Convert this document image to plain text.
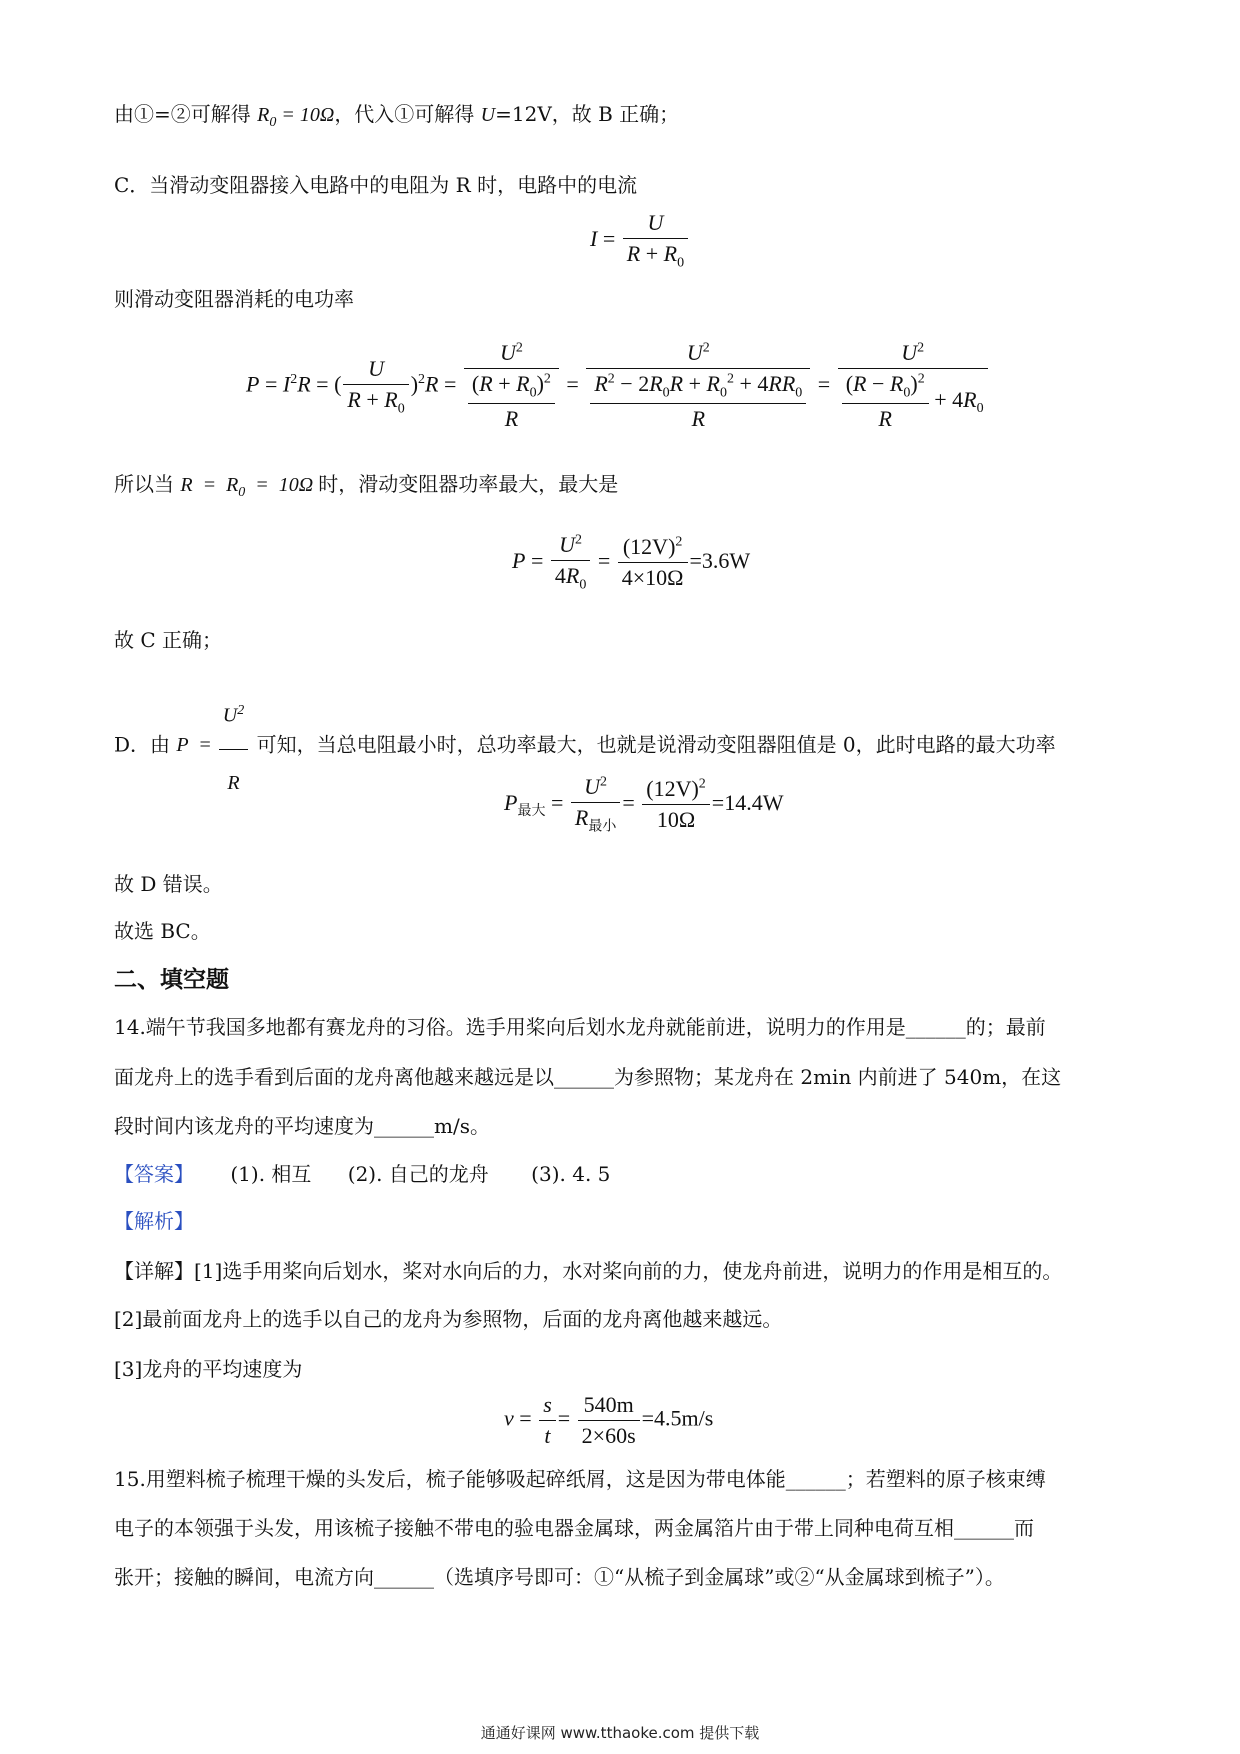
由①=②可解得 $R_0 = 10\Omega$，代入①可解得 U=12V，故 B 正确；
C．当滑动变阻器接入电路中的电阻为 R 时，电路中的电流
$I = \frac{U}{R + R_0}$
则滑动变阻器消耗的电功率
$P = I^2R$ = ( $\frac{U}{R + R_0} )^2R = \frac{U^2}{\frac{(R + R_0)^2}{R}} = \frac{U^2}{\frac{R^2 - 2R_0R + R_0^2 + 4RR_0}{R}} = \frac{U^2}{\frac{(R - R_0)^2}{R} + 4R_0}$
所以当 $R = R_0 = 10\Omega$ 时，滑动变阻器功率最大，最大是
$P = \frac{U^2}{4R_0} = \frac{(12V)^2}{4\times 10\Omega} =3.6W$
故 C 正确；
D．由 $P = \frac{U^2}{R}$ 可知，当总电阻最小时，总功率最大，也就是说滑动变阻器阻值是 0，此时电路的最大功率
$P_{最大} = \frac{U^2}{R_{最小}} = \frac{(12V)^2}{10\Omega} =14.4W$
故 D 错误。
故选 BC。
二、填空题
14.端午节我国多地都有赛龙舟的习俗。选手用桨向后划水龙舟就能前进，说明力的作用是______的；最前
面龙舟上的选手看到后面的龙舟离他越来越远是以______为参照物；某龙舟在 2min 内前进了 540m，在这
段时间内该龙舟的平均速度为______m/s。
【答案】 (1). 相互 (2). 自己的龙舟 (3). 4. 5
【解析】
【详解】[1]选手用桨向后划水，桨对水向后的力，水对桨向前的力，使龙舟前进，说明力的作用是相互的。
[2]最前面龙舟上的选手以自己的龙舟为参照物，后面的龙舟离他越来越远。
[3]龙舟的平均速度为
$v = \frac{s}{t} = \frac{540m}{2\times 60s} =4.5m/s$
15.用塑料梳子梳理干燥的头发后，梳子能够吸起碎纸屑，这是因为带电体能______；若塑料的原子核束缚
电子的本领强于头发，用该梳子接触不带电的验电器金属球，两金属箔片由于带上同种电荷互相______而
张开；接触的瞬间，电流方向______（选填序号即可：①“从梳子到金属球”或②“从金属球到梳子”）。
通通好课网 www.tthaoke.com 提供下载
